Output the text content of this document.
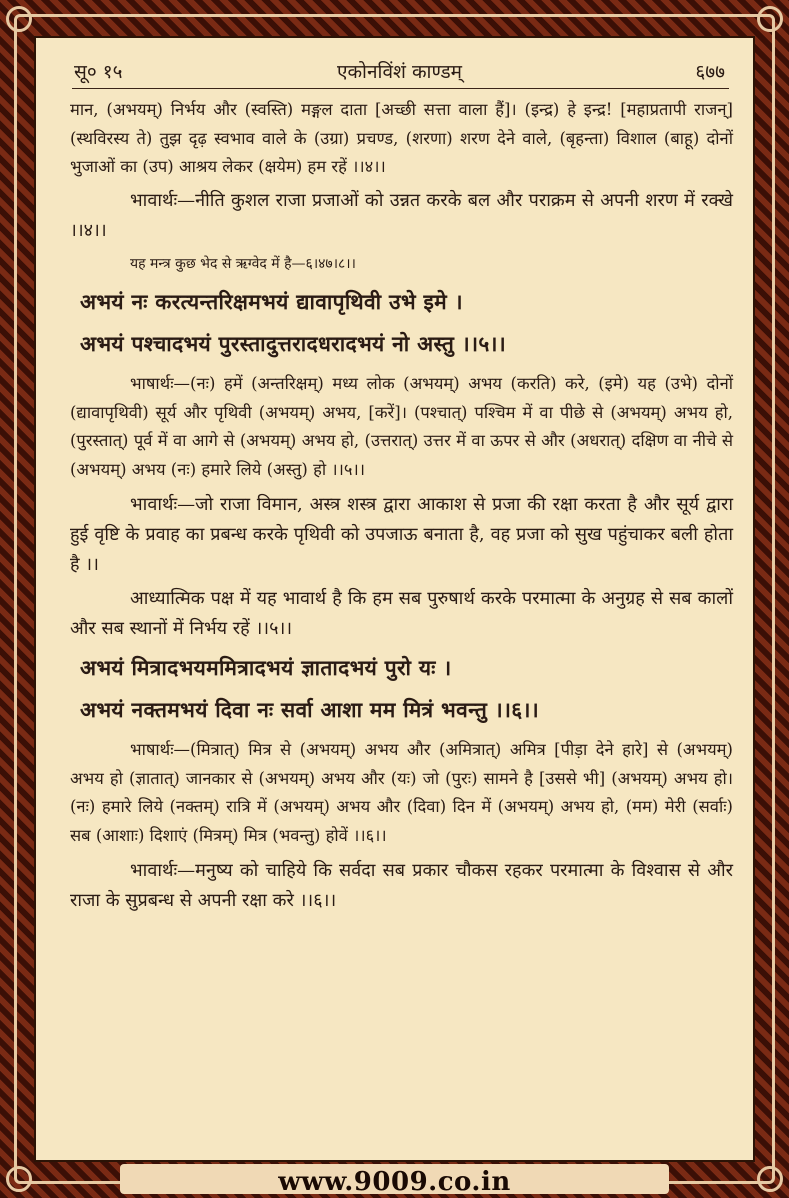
सू० १५	एकोनविंशं काण्डम्	६७७

मान, (अभयम्) निर्भय और (स्वस्ति) मङ्गल दाता [अच्छी सत्ता वाला हैं]। (इन्द्र) हे इन्द्र! [महाप्रतापी राजन्] (स्थविरस्य ते) तुझ दृढ़ स्वभाव वाले के (उग्रा) प्रचण्ड, (शरणा) शरण देने वाले, (बृहन्ता) विशाल (बाहू) दोनों भुजाओं का (उप) आश्रय लेकर (क्षयेम) हम रहें ।।४।।

भावार्थः—नीति कुशल राजा प्रजाओं को उन्नत करके बल और पराक्रम से अपनी शरण में रक्खे ।।४।।

यह मन्त्र कुछ भेद से ऋग्वेद में है—६।४७।८।।

अभयं नः करत्यन्तरिक्षमभयं द्यावापृथिवी उभे इमे ।

अभयं पश्चादभयं पुरस्तादुत्तरादधरादभयं नो अस्तु ।।५।।

भाषार्थः—(नः) हमें (अन्तरिक्षम्) मध्य लोक (अभयम्) अभय (करति) करे, (इमे) यह (उभे) दोनों (द्यावापृथिवी) सूर्य और पृथिवी (अभयम्) अभय, [करें]। (पश्चात्) पश्चिम में वा पीछे से (अभयम्) अभय हो, (पुरस्तात्) पूर्व में वा आगे से (अभयम्) अभय हो, (उत्तरात्) उत्तर में वा ऊपर से और (अधरात्) दक्षिण वा नीचे से (अभयम्) अभय (नः) हमारे लिये (अस्तु) हो ।।५।।

भावार्थः—जो राजा विमान, अस्त्र शस्त्र द्वारा आकाश से प्रजा की रक्षा करता है और सूर्य द्वारा हुई वृष्टि के प्रवाह का प्रबन्ध करके पृथिवी को उपजाऊ बनाता है, वह प्रजा को सुख पहुंचाकर बली होता है ।।

आध्यात्मिक पक्ष में यह भावार्थ है कि हम सब पुरुषार्थ करके परमात्मा के अनुग्रह से सब कालों और सब स्थानों में निर्भय रहें ।।५।।

अभयं मित्रादभयममित्रादभयं ज्ञातादभयं पुरो यः ।

अभयं नक्तमभयं दिवा नः सर्वा आशा मम मित्रं भवन्तु ।।६।।

भाषार्थः—(मित्रात्) मित्र से (अभयम्) अभय और (अमित्रात्) अमित्र [पीड़ा देने हारे] से (अभयम्) अभय हो (ज्ञातात्) जानकार से (अभयम्) अभय और (यः) जो (पुरः) सामने है [उससे भी] (अभयम्) अभय हो। (नः) हमारे लिये (नक्तम्) रात्रि में (अभयम्) अभय और (दिवा) दिन में (अभयम्) अभय हो, (मम) मेरी (सर्वाः) सब (आशाः) दिशाएं (मित्रम्) मित्र (भवन्तु) होवें ।।६।।

भावार्थः—मनुष्य को चाहिये कि सर्वदा सब प्रकार चौकस रहकर परमात्मा के विश्वास से और राजा के सुप्रबन्ध से अपनी रक्षा करे ।।६।।

www.9009.co.in
